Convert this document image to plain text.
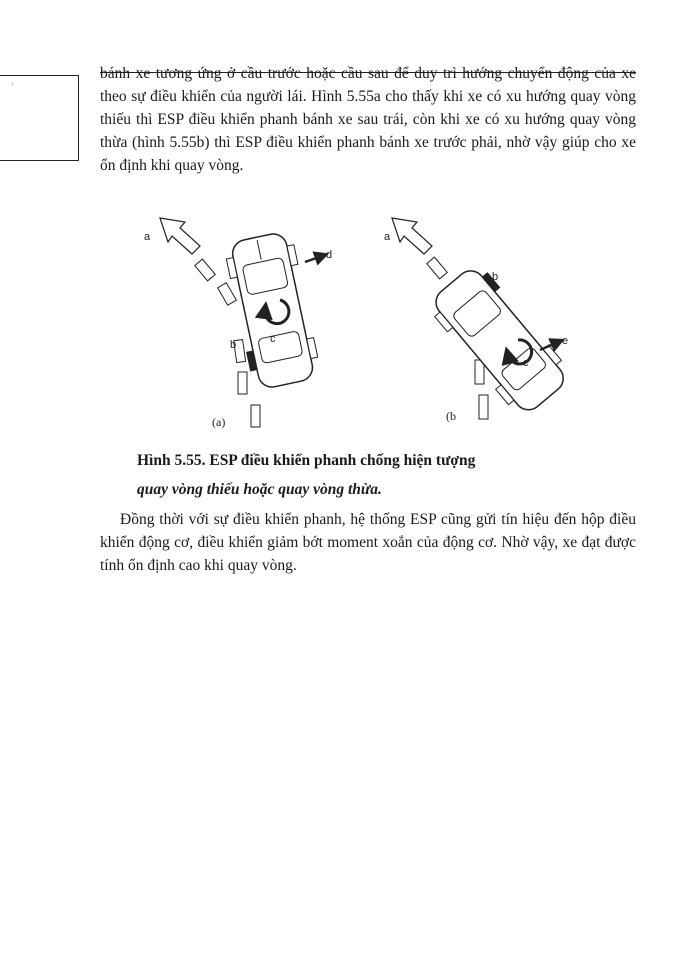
'

bánh xe tương ứng ở cầu trước hoặc cầu sau để duy trì hướng chuyển động của xe theo sự điều khiển của người lái. Hình 5.55a cho thấy khi xe có xu hướng quay vòng thiếu thì ESP điều khiển phanh bánh xe sau trái, còn khi xe có xu hướng quay vòng thừa (hình 5.55b) thì ESP điều khiển phanh bánh xe trước phải, nhờ vậy giúp cho xe ổn định khi quay vòng.

a
b	c
d
(a)
a
b
c
e
(b

Hình 5.55. ESP điều khiển phanh chống hiện tượng

quay vòng thiếu hoặc quay vòng thừa.

Đồng thời với sự điều khiển phanh, hệ thống ESP cũng gửi tín hiệu đến hộp điều khiển động cơ, điều khiển giảm bớt moment xoắn của động cơ. Nhờ vậy, xe đạt được tính ổn định cao khi quay vòng.
